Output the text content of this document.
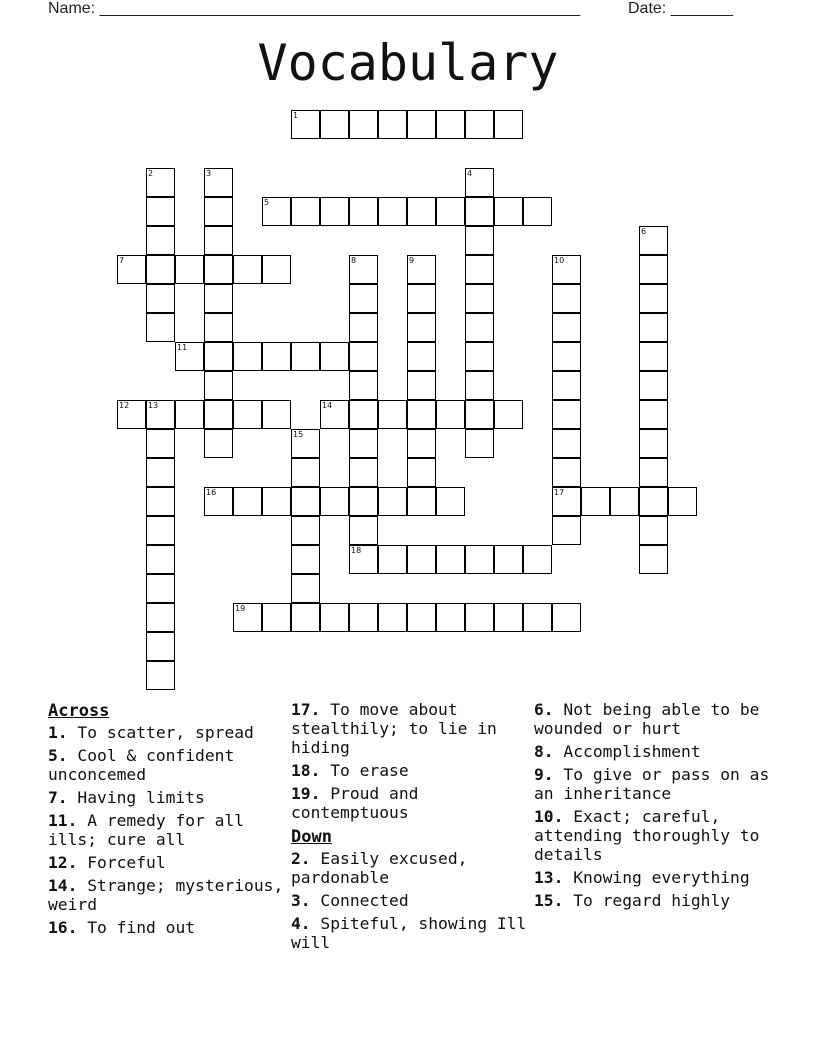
Name: ______________________________________________________	Date: _______
Vocabulary
1
2	3	4
5
6
7	8	9	10
11
12 13	14
15
16	17
18
19
Across
1. To scatter, spread
5. Cool & confident unconcemed
7. Having limits
11. A remedy for all ills; cure all
12. Forceful
14. Strange; mysterious, weird
16. To find out
17. To move about stealthily; to lie in hiding
18. To erase
19. Proud and contemptuous
Down
2. Easily excused, pardonable
3. Connected
4. Spiteful, showing Ill will
6. Not being able to be wounded or hurt
8. Accomplishment
9. To give or pass on as an inheritance
10. Exact; careful, attending thoroughly to details
13. Knowing everything
15. To regard highly
